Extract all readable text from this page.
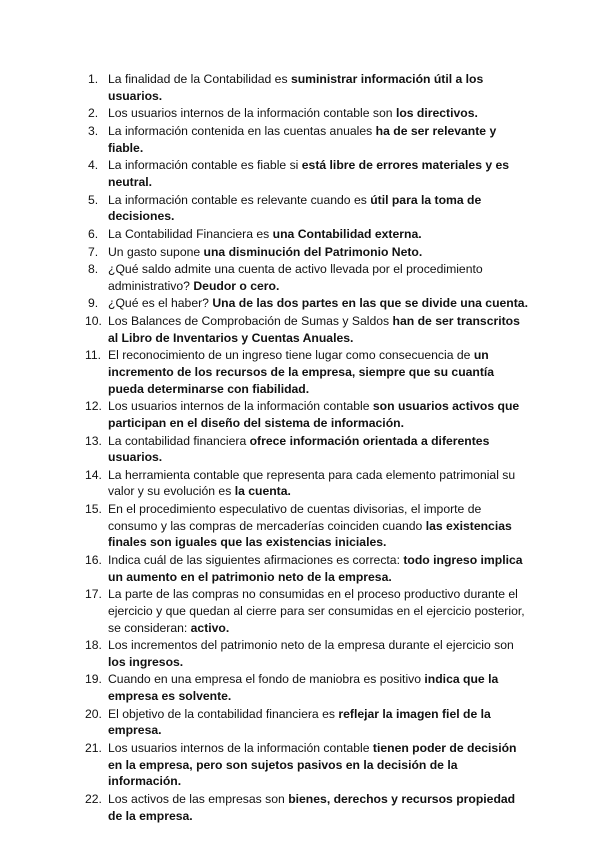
1. La finalidad de la Contabilidad es suministrar información útil a los usuarios.
2. Los usuarios internos de la información contable son los directivos.
3. La información contenida en las cuentas anuales ha de ser relevante y fiable.
4. La información contable es fiable si está libre de errores materiales y es neutral.
5. La información contable es relevante cuando es útil para la toma de decisiones.
6. La Contabilidad Financiera es una Contabilidad externa.
7. Un gasto supone una disminución del Patrimonio Neto.
8. ¿Qué saldo admite una cuenta de activo llevada por el procedimiento administrativo? Deudor o cero.
9. ¿Qué es el haber? Una de las dos partes en las que se divide una cuenta.
10. Los Balances de Comprobación de Sumas y Saldos han de ser transcritos al Libro de Inventarios y Cuentas Anuales.
11. El reconocimiento de un ingreso tiene lugar como consecuencia de un incremento de los recursos de la empresa, siempre que su cuantía pueda determinarse con fiabilidad.
12. Los usuarios internos de la información contable son usuarios activos que participan en el diseño del sistema de información.
13. La contabilidad financiera ofrece información orientada a diferentes usuarios.
14. La herramienta contable que representa para cada elemento patrimonial su valor y su evolución es la cuenta.
15. En el procedimiento especulativo de cuentas divisorias, el importe de consumo y las compras de mercaderías coinciden cuando las existencias finales son iguales que las existencias iniciales.
16. Indica cuál de las siguientes afirmaciones es correcta: todo ingreso implica un aumento en el patrimonio neto de la empresa.
17. La parte de las compras no consumidas en el proceso productivo durante el ejercicio y que quedan al cierre para ser consumidas en el ejercicio posterior, se consideran: activo.
18. Los incrementos del patrimonio neto de la empresa durante el ejercicio son los ingresos.
19. Cuando en una empresa el fondo de maniobra es positivo indica que la empresa es solvente.
20. El objetivo de la contabilidad financiera es reflejar la imagen fiel de la empresa.
21. Los usuarios internos de la información contable tienen poder de decisión en la empresa, pero son sujetos pasivos en la decisión de la información.
22. Los activos de las empresas son bienes, derechos y recursos propiedad de la empresa.
